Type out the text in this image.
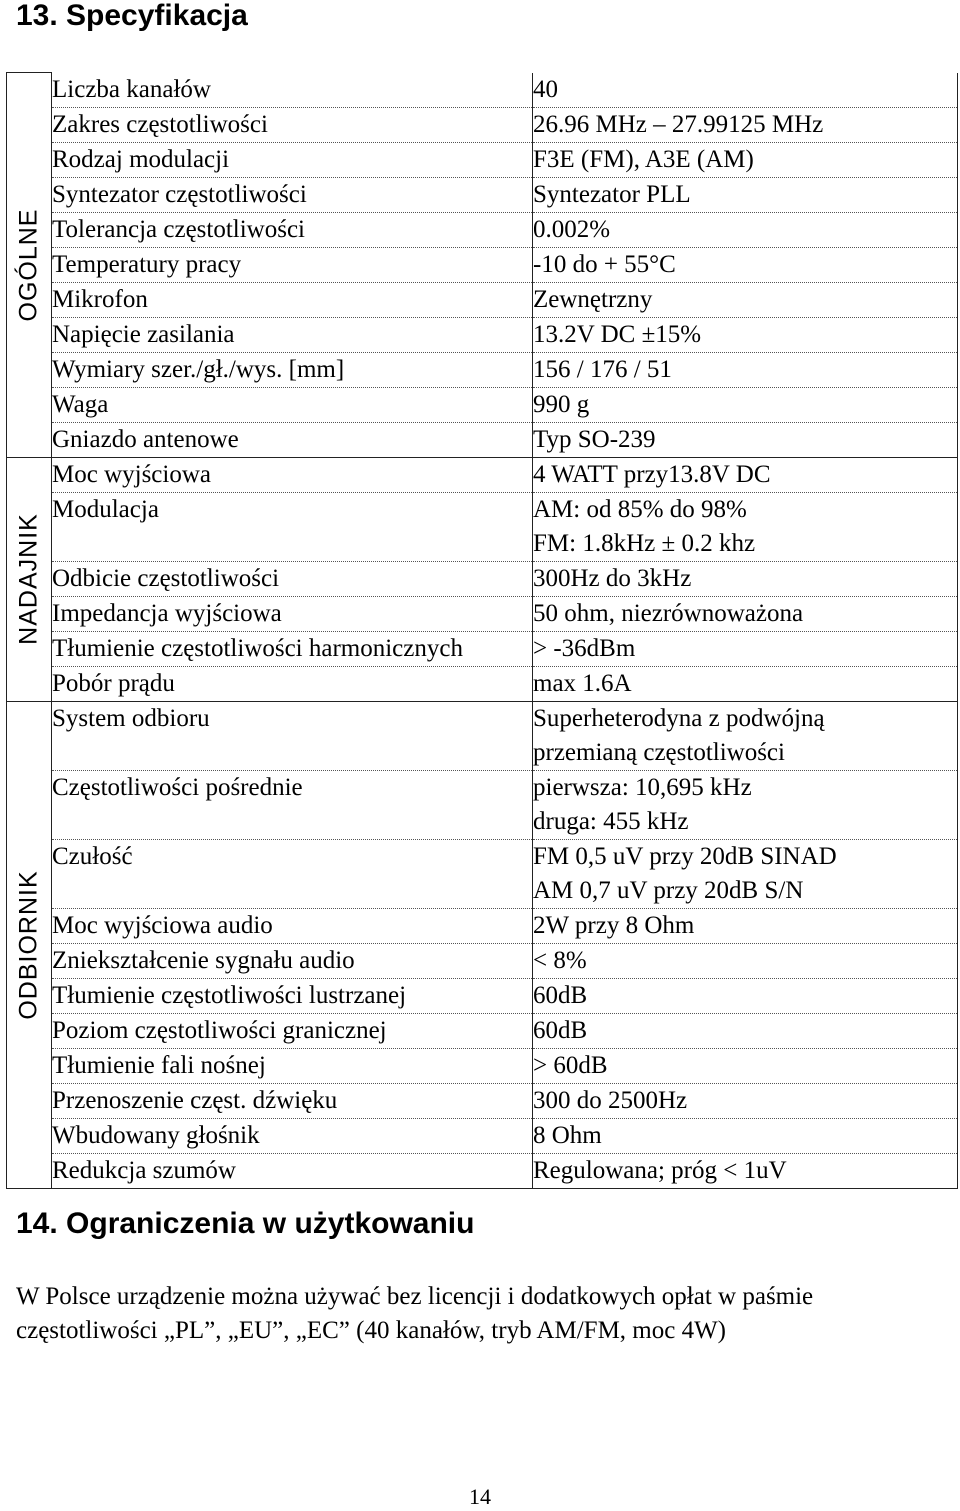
13. Specyfikacja
OGÓLNE	Liczba kanałów	40

	Zakres częstotliwości	26.96 MHz – 27.99125 MHz

	Rodzaj modulacji	F3E (FM), A3E (AM)

	Syntezator częstotliwości	Syntezator PLL

	Tolerancja częstotliwości	0.002%

	Temperatury pracy	-10 do + 55°C

	Mikrofon	Zewnętrzny

	Napięcie zasilania	13.2V DC ±15%

	Wymiary szer./gł./wys. [mm]	156 / 176 / 51

	Waga	990 g

	Gniazdo antenowe	Typ SO-239

NADAJNIK	Moc wyjściowa	4 WATT przy13.8V DC

	Modulacja	AM: od 85% do 98%
FM: 1.8kHz ± 0.2 khz

	Odbicie częstotliwości	300Hz do 3kHz

	Impedancja wyjściowa	50 ohm, niezrównoważona

	Tłumienie częstotliwości harmonicznych	> -36dBm

	Pobór prądu	max 1.6A

ODBIORNIK	System odbioru	Superheterodyna z podwójną
przemianą częstotliwości

	Częstotliwości pośrednie	pierwsza: 10,695 kHz
druga: 455 kHz

	Czułość	FM 0,5 uV przy 20dB SINAD
AM 0,7 uV przy 20dB S/N

	Moc wyjściowa audio	2W przy 8 Ohm

	Zniekształcenie sygnału audio	< 8%

	Tłumienie częstotliwości lustrzanej	60dB

	Poziom częstotliwości granicznej	60dB

	Tłumienie fali nośnej	> 60dB

	Przenoszenie częst. dźwięku	300 do 2500Hz

	Wbudowany głośnik	8 Ohm

	Redukcja szumów	Regulowana; próg < 1uV
14. Ograniczenia w użytkowaniu

W Polsce urządzenie można używać bez licencji i dodatkowych opłat w paśmie częstotliwości „PL”, „EU”, „EC” (40 kanałów, tryb AM/FM, moc 4W)

14
